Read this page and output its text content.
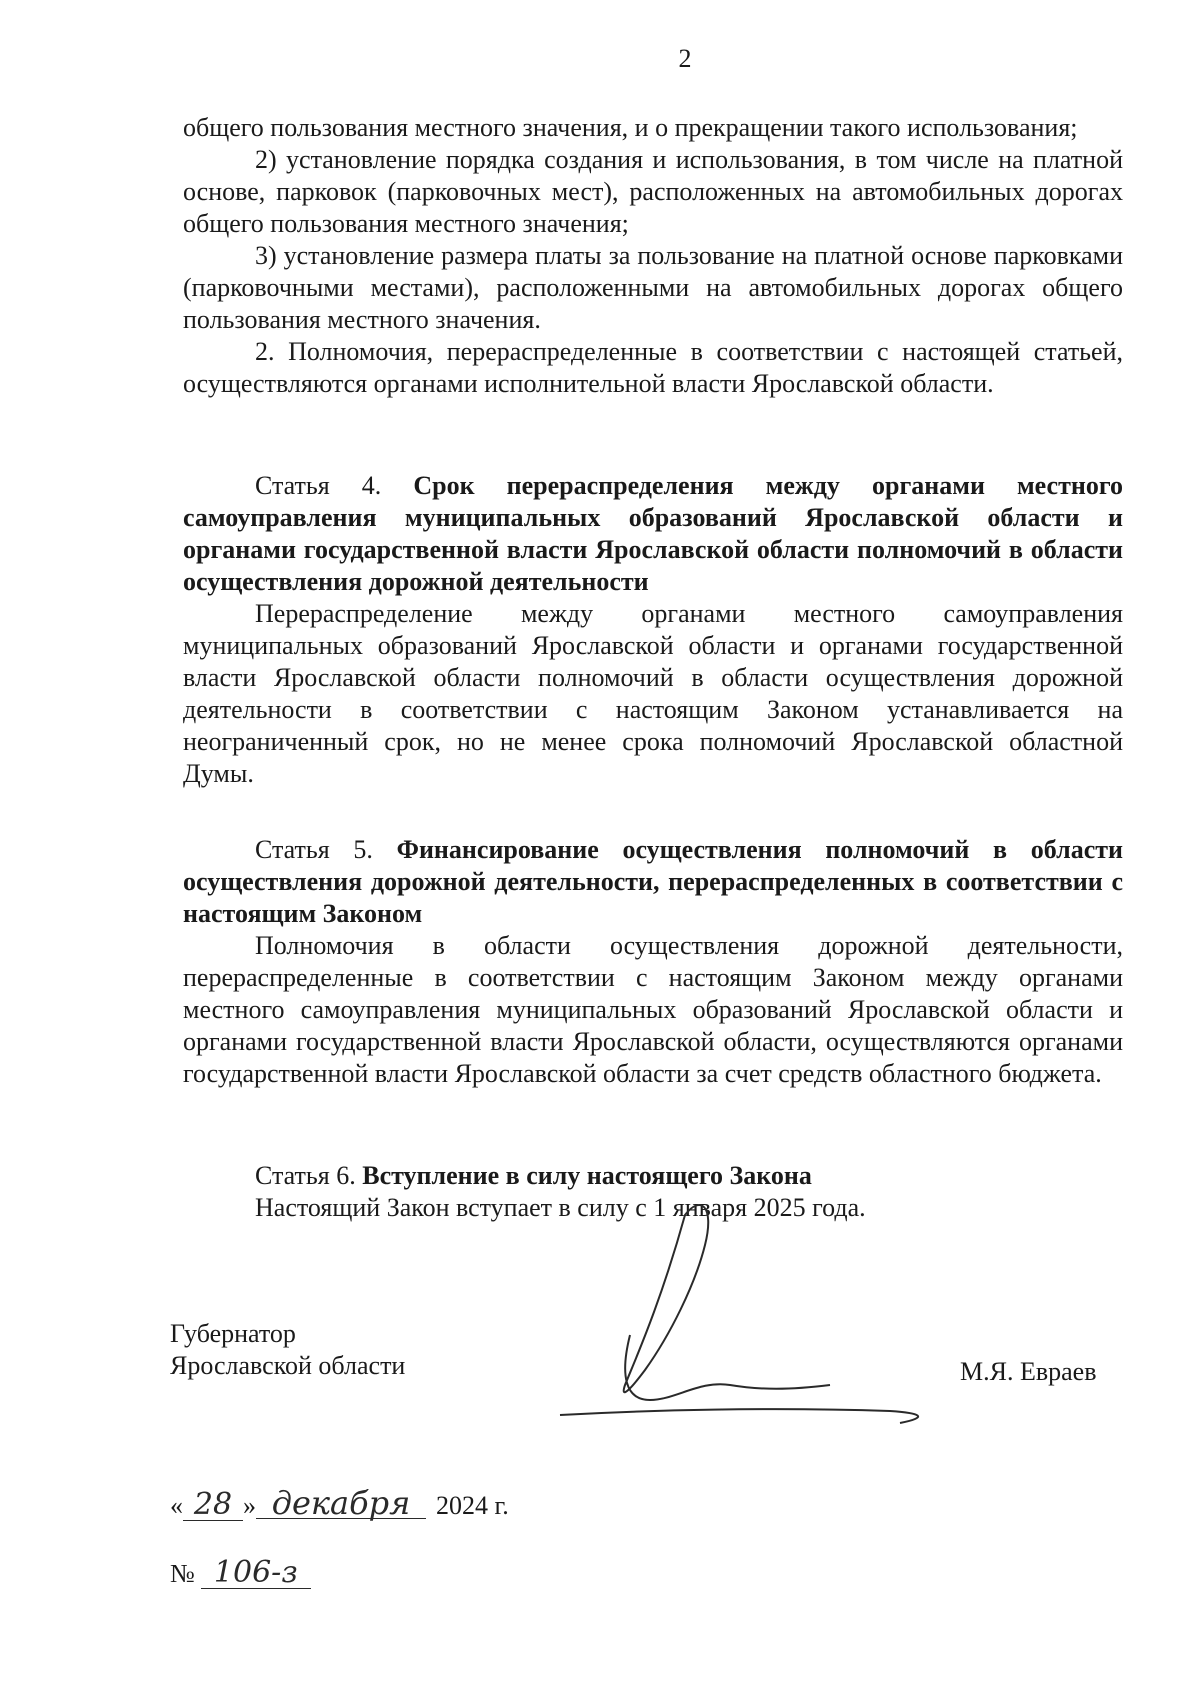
2

общего пользования местного значения, и о прекращении такого использования;

2) установление порядка создания и использования, в том числе на платной основе, парковок (парковочных мест), расположенных на автомобильных дорогах общего пользования местного значения;

3) установление размера платы за пользование на платной основе парковками (парковочными местами), расположенными на автомобильных дорогах общего пользования местного значения.

2. Полномочия, перераспределенные в соответствии с настоящей статьей, осуществляются органами исполнительной власти Ярославской области.

Статья 4. Срок перераспределения между органами местного самоуправления муниципальных образований Ярославской области и органами государственной власти Ярославской области полномочий в области осуществления дорожной деятельности

Перераспределение между органами местного самоуправления муниципальных образований Ярославской области и органами государственной власти Ярославской области полномочий в области осуществления дорожной деятельности в соответствии с настоящим Законом устанавливается на неограниченный срок, но не менее срока полномочий Ярославской областной Думы.

Статья 5. Финансирование осуществления полномочий в области осуществления дорожной деятельности, перераспределенных в соответствии с настоящим Законом

Полномочия в области осуществления дорожной деятельности, перераспределенные в соответствии с настоящим Законом между органами местного самоуправления муниципальных образований Ярославской области и органами государственной власти Ярославской области, осуществляются органами государственной власти Ярославской области за счет средств областного бюджета.

Статья 6. Вступление в силу настоящего Закона

Настоящий Закон вступает в силу с 1 января 2025 года.

Губернатор
Ярославской области	М.Я. Евраев
« 28 » декабря 2024 г.
№ 106-з
